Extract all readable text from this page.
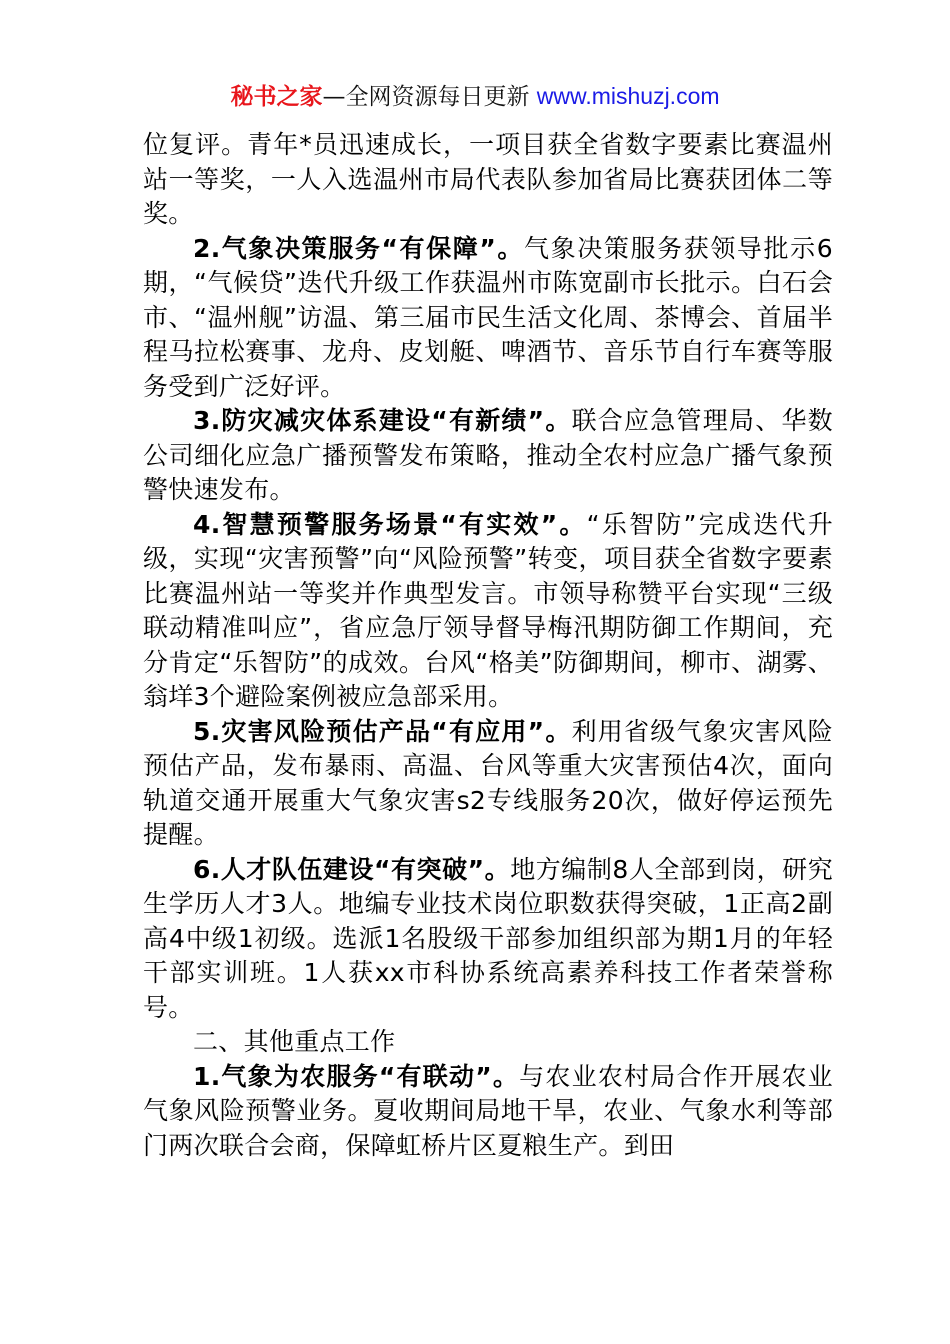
秘书之家—全网资源每日更新 www.mishuzj.com

位复评。青年*员迅速成长，一项目获全省数字要素比赛温州站一等奖，一人入选温州市局代表队参加省局比赛获团体二等奖。

2.气象决策服务“有保障”。气象决策服务获领导批示6期，“气候贷”迭代升级工作获温州市陈宽副市长批示。白石会市、“温州舰”访温、第三届市民生活文化周、茶博会、首届半程马拉松赛事、龙舟、皮划艇、啤酒节、音乐节自行车赛等服务受到广泛好评。

3.防灾减灾体系建设“有新绩”。联合应急管理局、华数公司细化应急广播预警发布策略，推动全农村应急广播气象预警快速发布。

4.智慧预警服务场景“有实效”。“乐智防”完成迭代升级，实现“灾害预警”向“风险预警”转变，项目获全省数字要素比赛温州站一等奖并作典型发言。市领导称赞平台实现“三级联动精准叫应”，省应急厅领导督导梅汛期防御工作期间，充分肯定“乐智防”的成效。台风“格美”防御期间，柳市、湖雾、翁垟3个避险案例被应急部采用。

5.灾害风险预估产品“有应用”。利用省级气象灾害风险预估产品，发布暴雨、高温、台风等重大灾害预估4次，面向轨道交通开展重大气象灾害s2专线服务20次，做好停运预先提醒。

6.人才队伍建设“有突破”。地方编制8人全部到岗，研究生学历人才3人。地编专业技术岗位职数获得突破，1正高2副高4中级1初级。选派1名股级干部参加组织部为期1月的年轻干部实训班。1人获xx市科协系统高素养科技工作者荣誉称号。

二、其他重点工作

1.气象为农服务“有联动”。与农业农村局合作开展农业气象风险预警业务。夏收期间局地干旱，农业、气象水利等部门两次联合会商，保障虹桥片区夏粮生产。到田
